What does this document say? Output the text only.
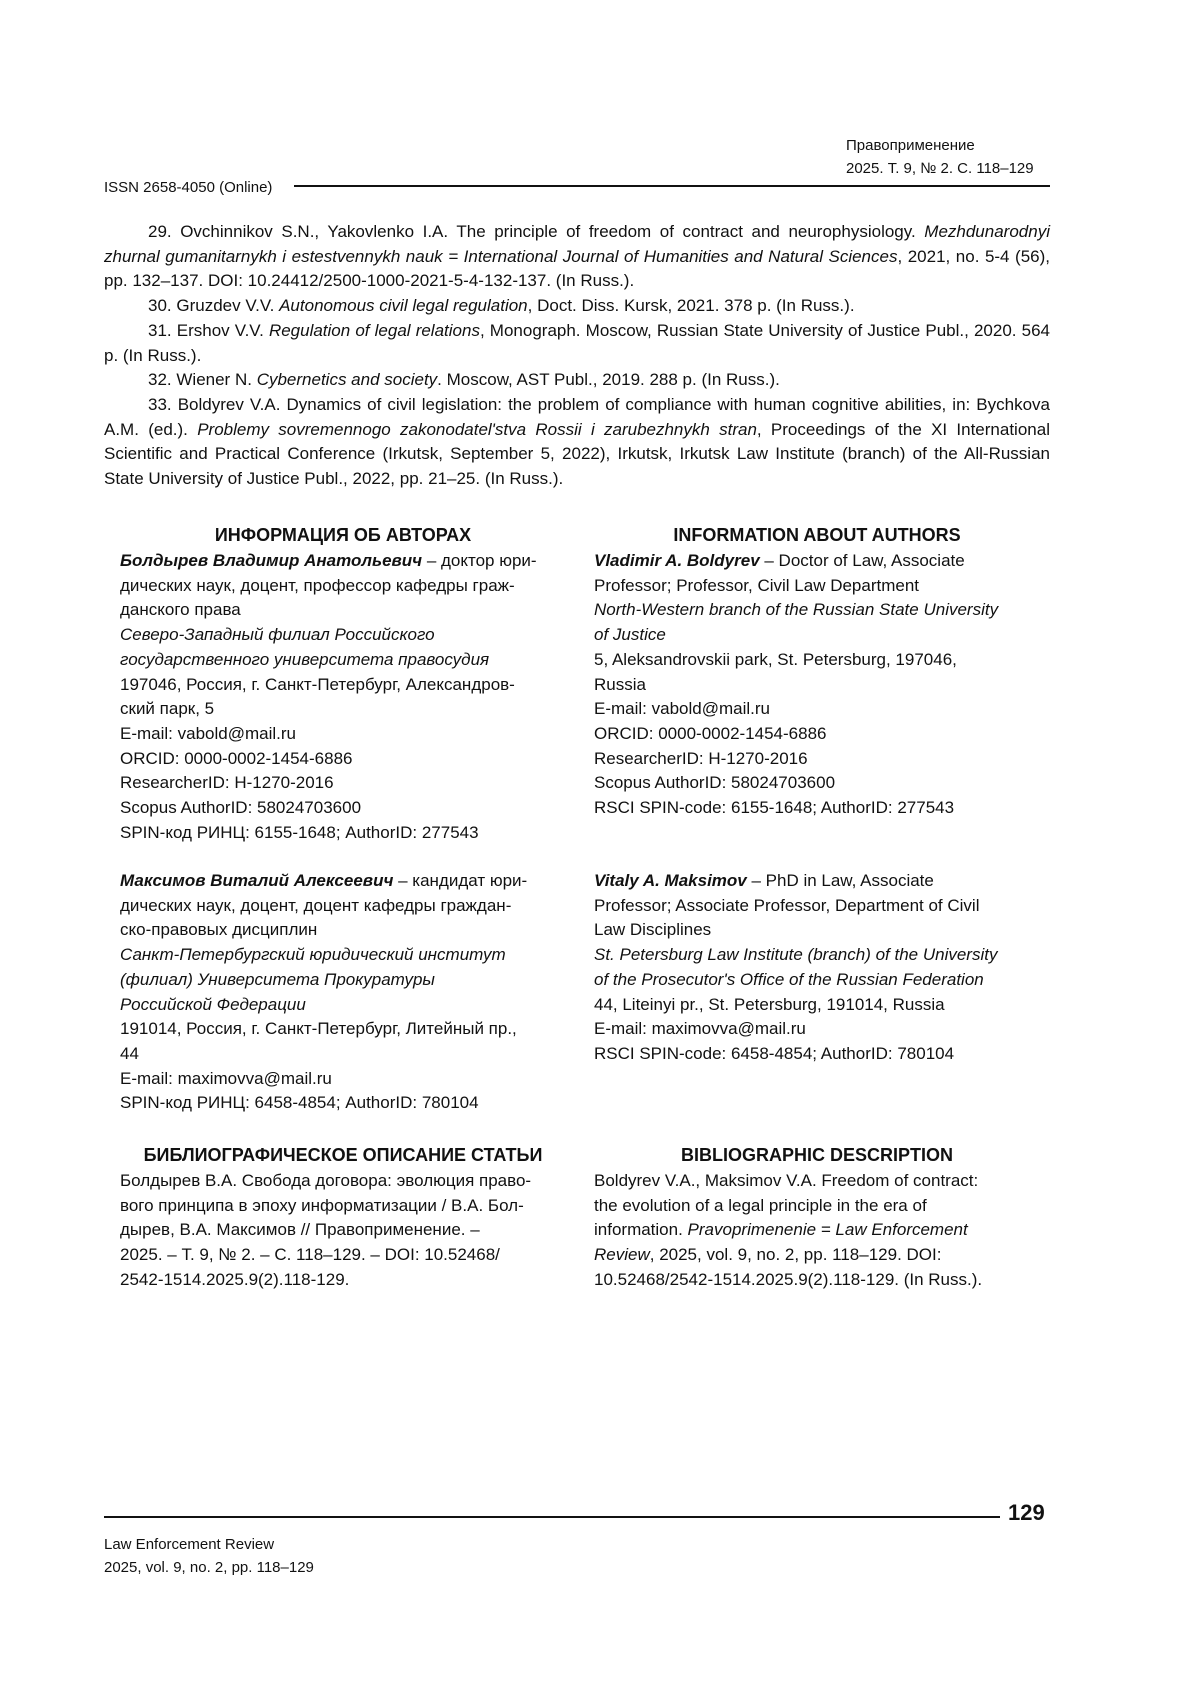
Правоприменение
2025. Т. 9, № 2. С. 118–129
ISSN 2658-4050 (Online)

29. Ovchinnikov S.N., Yakovlenko I.A. The principle of freedom of contract and neurophysiology. Mezhdunarodnyi zhurnal gumanitarnykh i estestvennykh nauk = International Journal of Humanities and Natural Sciences, 2021, no. 5-4 (56), pp. 132–137. DOI: 10.24412/2500-1000-2021-5-4-132-137. (In Russ.).

30. Gruzdev V.V. Autonomous civil legal regulation, Doct. Diss. Kursk, 2021. 378 p. (In Russ.).

31. Ershov V.V. Regulation of legal relations, Monograph. Moscow, Russian State University of Justice Publ., 2020. 564 p. (In Russ.).

32. Wiener N. Cybernetics and society. Moscow, AST Publ., 2019. 288 p. (In Russ.).

33. Boldyrev V.A. Dynamics of civil legislation: the problem of compliance with human cognitive abilities, in: Bychkova A.M. (ed.). Problemy sovremennogo zakonodatel'stva Rossii i zarubezhnykh stran, Proceedings of the XI International Scientific and Practical Conference (Irkutsk, September 5, 2022), Irkutsk, Irkutsk Law Institute (branch) of the All-Russian State University of Justice Publ., 2022, pp. 21–25. (In Russ.).

ИНФОРМАЦИЯ ОБ АВТОРАХ	INFORMATION ABOUT AUTHORS

Болдырев Владимир Анатольевич – доктор юри-
дических наук, доцент, профессор кафедры граж-
данского права
Северо-Западный филиал Российского
государственного университета правосудия
197046, Россия, г. Санкт-Петербург, Александров-
ский парк, 5
E-mail: vabold@mail.ru
ORCID: 0000-0002-1454-6886
ResearcherID: H-1270-2016
Scopus AuthorID: 58024703600
SPIN-код РИНЦ: 6155-1648; AuthorID: 277543
Vladimir A. Boldyrev – Doctor of Law, Associate
Professor; Professor, Civil Law Department
North-Western branch of the Russian State University
of Justice
5, Aleksandrovskii park, St. Petersburg, 197046,
Russia
E-mail: vabold@mail.ru
ORCID: 0000-0002-1454-6886
ResearcherID: H-1270-2016
Scopus AuthorID: 58024703600
RSCI SPIN-code: 6155-1648; AuthorID: 277543
Максимов Виталий Алексеевич – кандидат юри-
дических наук, доцент, доцент кафедры граждан-
ско-правовых дисциплин
Санкт-Петербургский юридический институт
(филиал) Университета Прокуратуры
Российской Федерации
191014, Россия, г. Санкт-Петербург, Литейный пр.,
44
E-mail: maximovva@mail.ru
SPIN-код РИНЦ: 6458-4854; AuthorID: 780104
Vitaly A. Maksimov – PhD in Law, Associate
Professor; Associate Professor, Department of Civil
Law Disciplines
St. Petersburg Law Institute (branch) of the University
of the Prosecutor's Office of the Russian Federation
44, Liteinyi pr., St. Petersburg, 191014, Russia
E-mail: maximovva@mail.ru
RSCI SPIN-code: 6458-4854; AuthorID: 780104

БИБЛИОГРАФИЧЕСКОЕ ОПИСАНИЕ СТАТЬИ	BIBLIOGRAPHIC DESCRIPTION

Болдырев В.А. Свобода договора: эволюция право-
вого принципа в эпоху информатизации / В.А. Бол-
дырев, В.А. Максимов // Правоприменение. –
2025. – Т. 9, № 2. – С. 118–129. – DOI: 10.52468/
2542-1514.2025.9(2).118-129.
Boldyrev V.A., Maksimov V.A. Freedom of contract:
the evolution of a legal principle in the era of
information. Pravoprimenenie = Law Enforcement
Review, 2025, vol. 9, no. 2, pp. 118–129. DOI:
10.52468/2542-1514.2025.9(2).118-129. (In Russ.).
129
Law Enforcement Review
2025, vol. 9, no. 2, pp. 118–129
